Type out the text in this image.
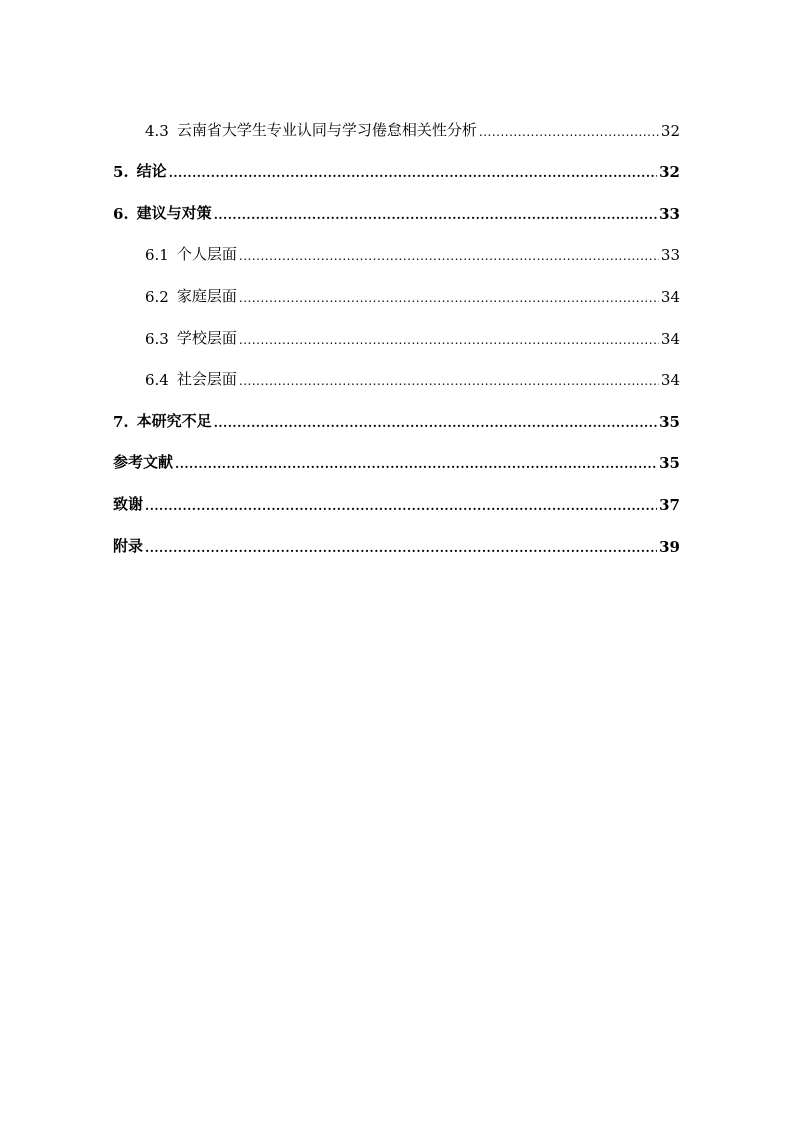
4.3 云南省大学生专业认同与学习倦怠相关性分析 .....	32
5. 结论 .....	32
6. 建议与对策 .....	33
6.1 个人层面 .....	33
6.2 家庭层面 .....	34
6.3 学校层面 .....	34
6.4 社会层面 .....	34
7. 本研究不足 .....	35
参考文献 .....	35
致谢 .....	37
附录 .....	39
